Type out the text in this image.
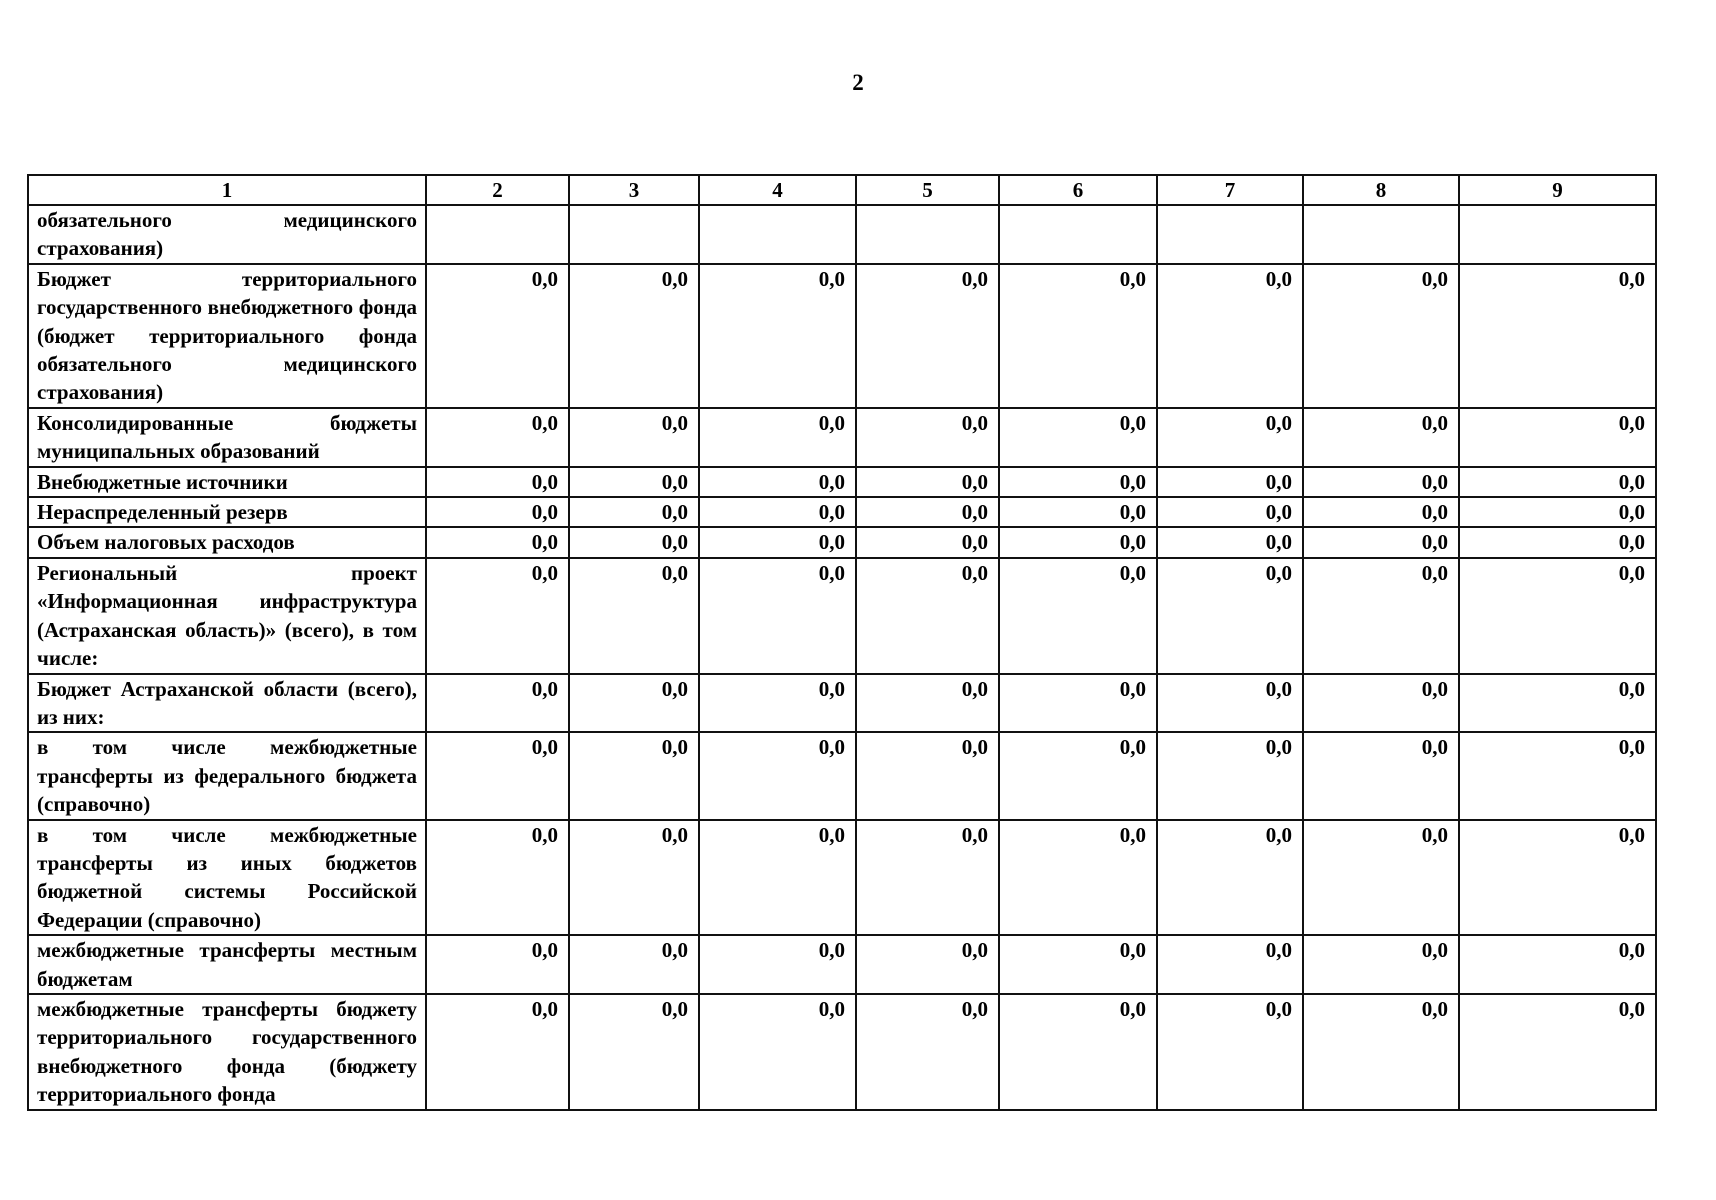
2
1	2	3	4	5	6	7	8	9
обязательного медицинского страхования)								
Бюджет территориального государственного внебюджетного фонда (бюджет территориального фонда обязательного медицинского страхования)	0,0	0,0	0,0	0,0	0,0	0,0	0,0	0,0
Консолидированные бюджеты муниципальных образований	0,0	0,0	0,0	0,0	0,0	0,0	0,0	0,0
Внебюджетные источники	0,0	0,0	0,0	0,0	0,0	0,0	0,0	0,0
Нераспределенный резерв	0,0	0,0	0,0	0,0	0,0	0,0	0,0	0,0
Объем налоговых расходов	0,0	0,0	0,0	0,0	0,0	0,0	0,0	0,0
Региональный проект «Информационная инфраструктура (Астраханская область)» (всего), в том числе:	0,0	0,0	0,0	0,0	0,0	0,0	0,0	0,0
Бюджет Астраханской области (всего), из них:	0,0	0,0	0,0	0,0	0,0	0,0	0,0	0,0
в том числе межбюджетные трансферты из федерального бюджета (справочно)	0,0	0,0	0,0	0,0	0,0	0,0	0,0	0,0
в том числе межбюджетные трансферты из иных бюджетов бюджетной системы Российской Федерации (справочно)	0,0	0,0	0,0	0,0	0,0	0,0	0,0	0,0
межбюджетные трансферты местным бюджетам	0,0	0,0	0,0	0,0	0,0	0,0	0,0	0,0
межбюджетные трансферты бюджету территориального государственного внебюджетного фонда (бюджету территориального фонда	0,0	0,0	0,0	0,0	0,0	0,0	0,0	0,0
